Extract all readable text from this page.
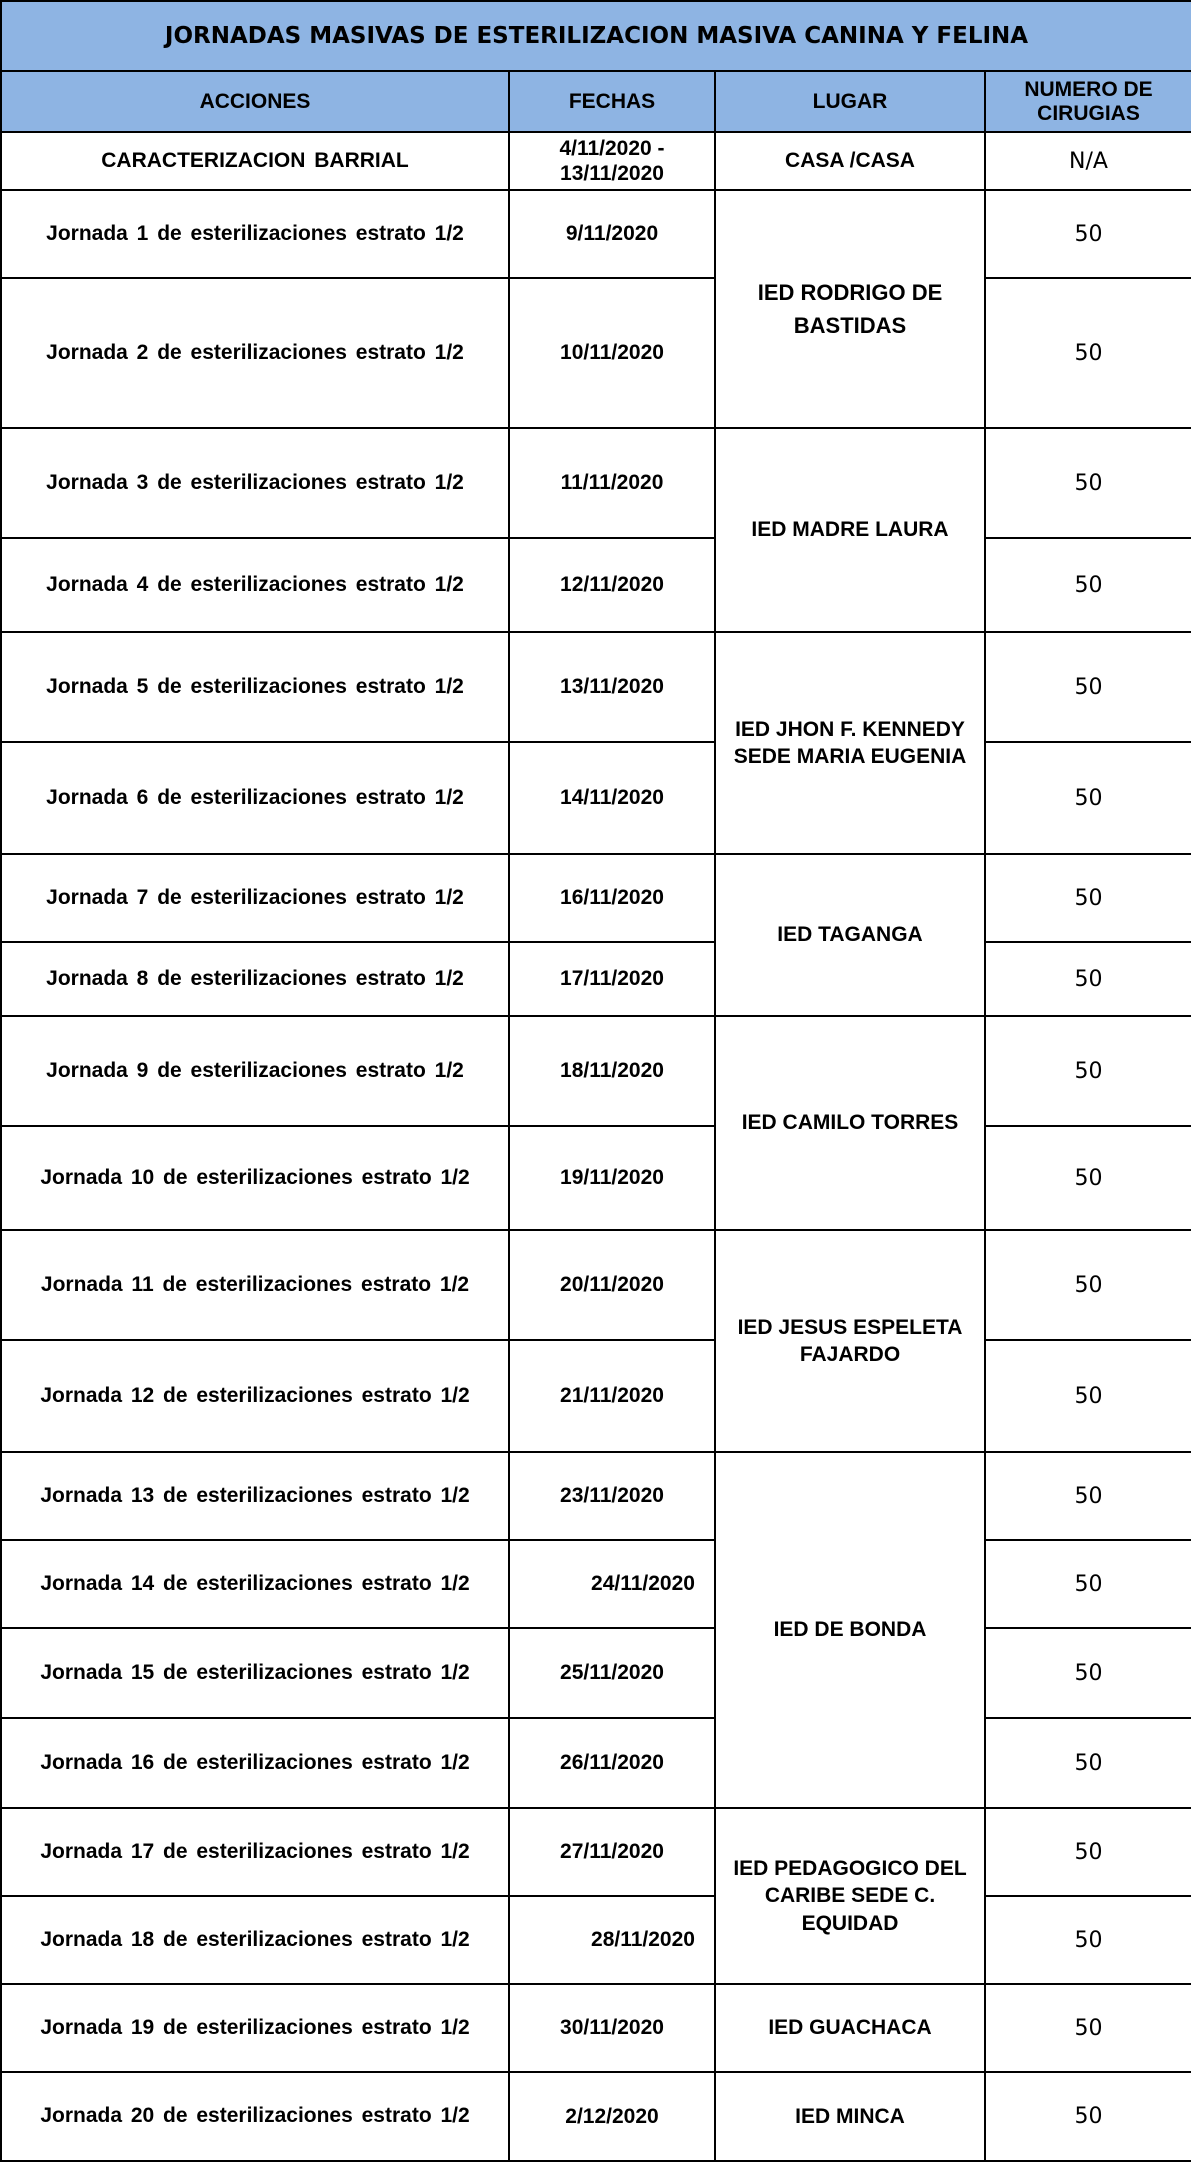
JORNADAS MASIVAS DE ESTERILIZACION MASIVA CANINA Y FELINA			
ACCIONES	FECHAS	LUGAR	NUMERO DE CIRUGIAS
CARACTERIZACION BARRIAL	4/11/2020 - 13/11/2020	CASA /CASA	N/A
Jornada 1 de esterilizaciones estrato 1/2	9/11/2020	IED RODRIGO DE BASTIDAS	50
Jornada 2 de esterilizaciones estrato 1/2	10/11/2020		50
Jornada 3 de esterilizaciones estrato 1/2	11/11/2020	IED MADRE LAURA	50
Jornada 4 de esterilizaciones estrato 1/2	12/11/2020		50
Jornada 5 de esterilizaciones estrato 1/2	13/11/2020	IED JHON F. KENNEDY SEDE MARIA EUGENIA	50
Jornada 6 de esterilizaciones estrato 1/2	14/11/2020		50
Jornada 7 de esterilizaciones estrato 1/2	16/11/2020	IED TAGANGA	50
Jornada 8 de esterilizaciones estrato 1/2	17/11/2020		50
Jornada 9 de esterilizaciones estrato 1/2	18/11/2020	IED CAMILO TORRES	50
Jornada 10 de esterilizaciones estrato 1/2	19/11/2020		50
Jornada 11 de esterilizaciones estrato 1/2	20/11/2020	IED JESUS ESPELETA FAJARDO	50
Jornada 12 de esterilizaciones estrato 1/2	21/11/2020		50
Jornada 13 de esterilizaciones estrato 1/2	23/11/2020	IED DE BONDA	50
Jornada 14 de esterilizaciones estrato 1/2	24/11/2020		50
Jornada 15 de esterilizaciones estrato 1/2	25/11/2020		50
Jornada 16 de esterilizaciones estrato 1/2	26/11/2020		50
Jornada 17 de esterilizaciones estrato 1/2	27/11/2020	IED PEDAGOGICO DEL CARIBE SEDE C. EQUIDAD	50
Jornada 18 de esterilizaciones estrato 1/2	28/11/2020		50
Jornada 19 de esterilizaciones estrato 1/2	30/11/2020	IED GUACHACA	50
Jornada 20 de esterilizaciones estrato 1/2	2/12/2020	IED MINCA	50
